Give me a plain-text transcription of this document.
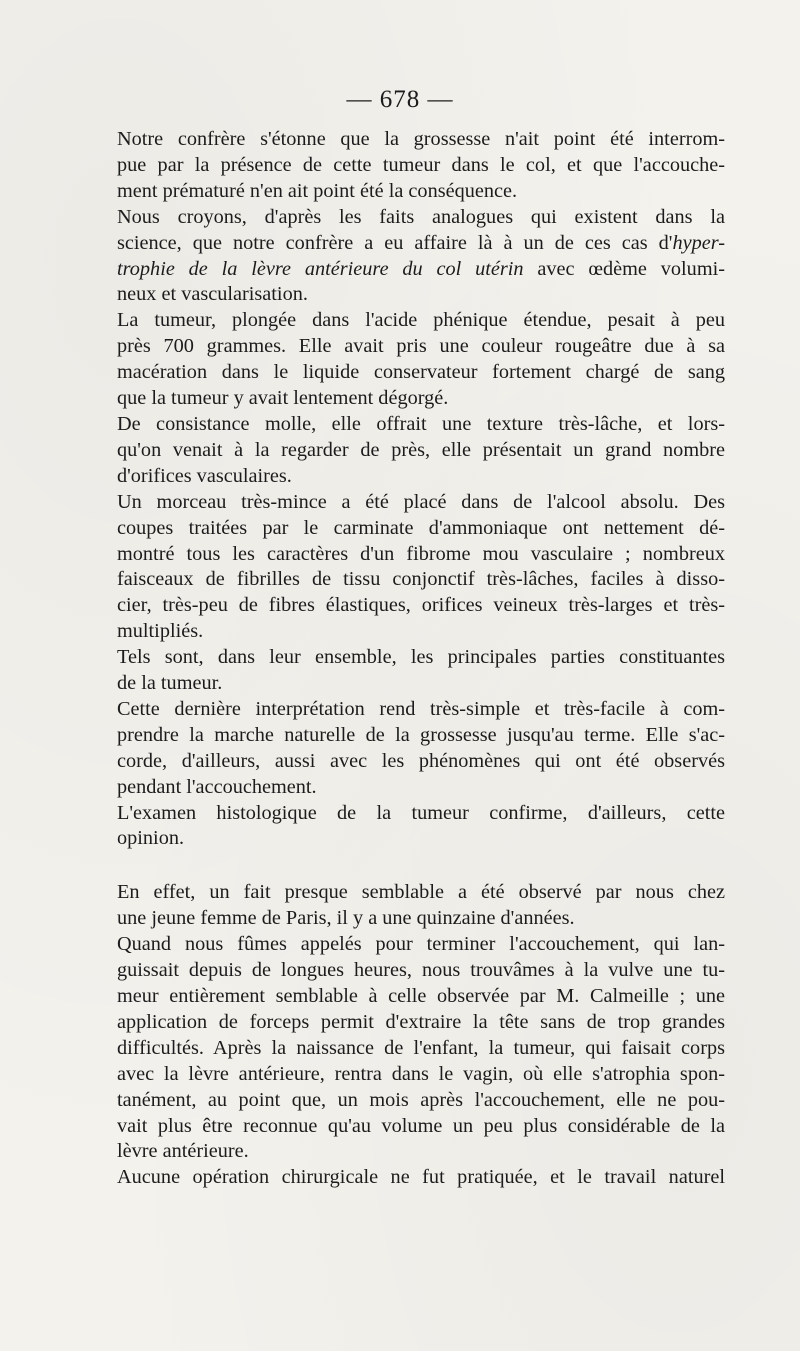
— 678 —

Notre confrère s'étonne que la grossesse n'ait point été interrom-
pue par la présence de cette tumeur dans le col, et que l'accouche-
ment prématuré n'en ait point été la conséquence.

Nous croyons, d'après les faits analogues qui existent dans la
science, que notre confrère a eu affaire là à un de ces cas d'hyper-
trophie de la lèvre antérieure du col utérin avec œdème volumi-
neux et vascularisation.

La tumeur, plongée dans l'acide phénique étendue, pesait à peu
près 700 grammes. Elle avait pris une couleur rougeâtre due à sa
macération dans le liquide conservateur fortement chargé de sang
que la tumeur y avait lentement dégorgé.

De consistance molle, elle offrait une texture très-lâche, et lors-
qu'on venait à la regarder de près, elle présentait un grand nombre
d'orifices vasculaires.

Un morceau très-mince a été placé dans de l'alcool absolu. Des
coupes traitées par le carminate d'ammoniaque ont nettement dé-
montré tous les caractères d'un fibrome mou vasculaire ; nombreux
faisceaux de fibrilles de tissu conjonctif très-lâches, faciles à disso-
cier, très-peu de fibres élastiques, orifices veineux très-larges et très-
multipliés.

Tels sont, dans leur ensemble, les principales parties constituantes
de la tumeur.

Cette dernière interprétation rend très-simple et très-facile à com-
prendre la marche naturelle de la grossesse jusqu'au terme. Elle s'ac-
corde, d'ailleurs, aussi avec les phénomènes qui ont été observés
pendant l'accouchement.

L'examen histologique de la tumeur confirme, d'ailleurs, cette
opinion.

En effet, un fait presque semblable a été observé par nous chez
une jeune femme de Paris, il y a une quinzaine d'années.

Quand nous fûmes appelés pour terminer l'accouchement, qui lan-
guissait depuis de longues heures, nous trouvâmes à la vulve une tu-
meur entièrement semblable à celle observée par M. Calmeille ; une
application de forceps permit d'extraire la tête sans de trop grandes
difficultés. Après la naissance de l'enfant, la tumeur, qui faisait corps
avec la lèvre antérieure, rentra dans le vagin, où elle s'atrophia spon-
tanément, au point que, un mois après l'accouchement, elle ne pou-
vait plus être reconnue qu'au volume un peu plus considérable de la
lèvre antérieure.

Aucune opération chirurgicale ne fut pratiquée, et le travail naturel
